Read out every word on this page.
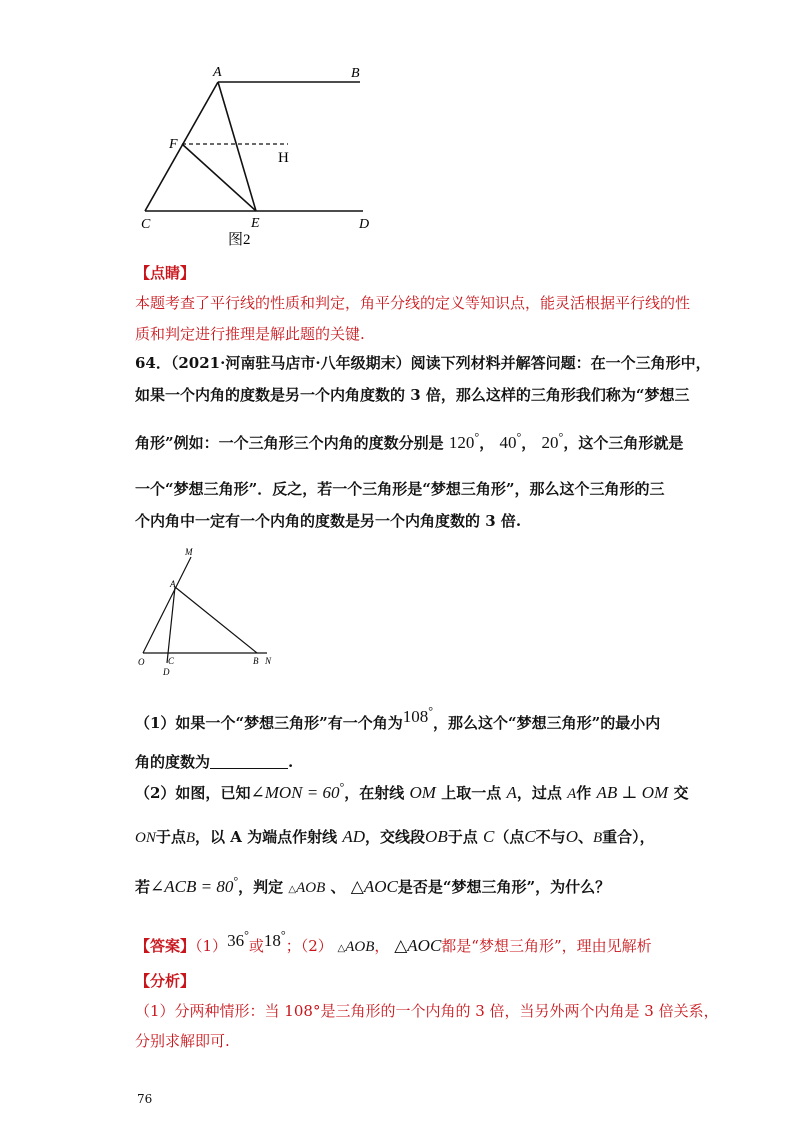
A	B
F
H
C	E	D
图2
【点睛】
本题考查了平行线的性质和判定，角平分线的定义等知识点，能灵活根据平行线的性
质和判定进行推理是解此题的关键.
64．（2021·河南驻马店市·八年级期末）阅读下列材料并解答问题：在一个三角形中，
如果一个内角的度数是另一个内角度数的 3 倍，那么这样的三角形我们称为“梦想三
角形”例如：一个三角形三个内角的度数分别是 120°， 40°， 20°，这个三角形就是
一个“梦想三角形”．反之，若一个三角形是“梦想三角形”，那么这个三角形的三
个内角中一定有一个内角的度数是另一个内角度数的 3 倍.
M
A
O	C
D
B N
（1）如果一个“梦想三角形”有一个角为108°，那么这个“梦想三角形”的最小内
角的度数为	.
（2）如图，已知∠MON = 60°，在射线 OM 上取一点 A，过点 A作 AB ⊥ OM 交
ON于点B，以 A 为端点作射线 AD，交线段OB于点 C（点C不与O、B重合），
若∠ACB = 80°，判定 △AOB 、 △AOC是否是“梦想三角形”，为什么？
【答案】（1）36°或18°；（2） △AOB， △AOC都是“梦想三角形”，理由见解析
【分析】
（1）分两种情形：当 108°是三角形的一个内角的 3 倍，当另外两个内角是 3 倍关系，
分别求解即可.
76
